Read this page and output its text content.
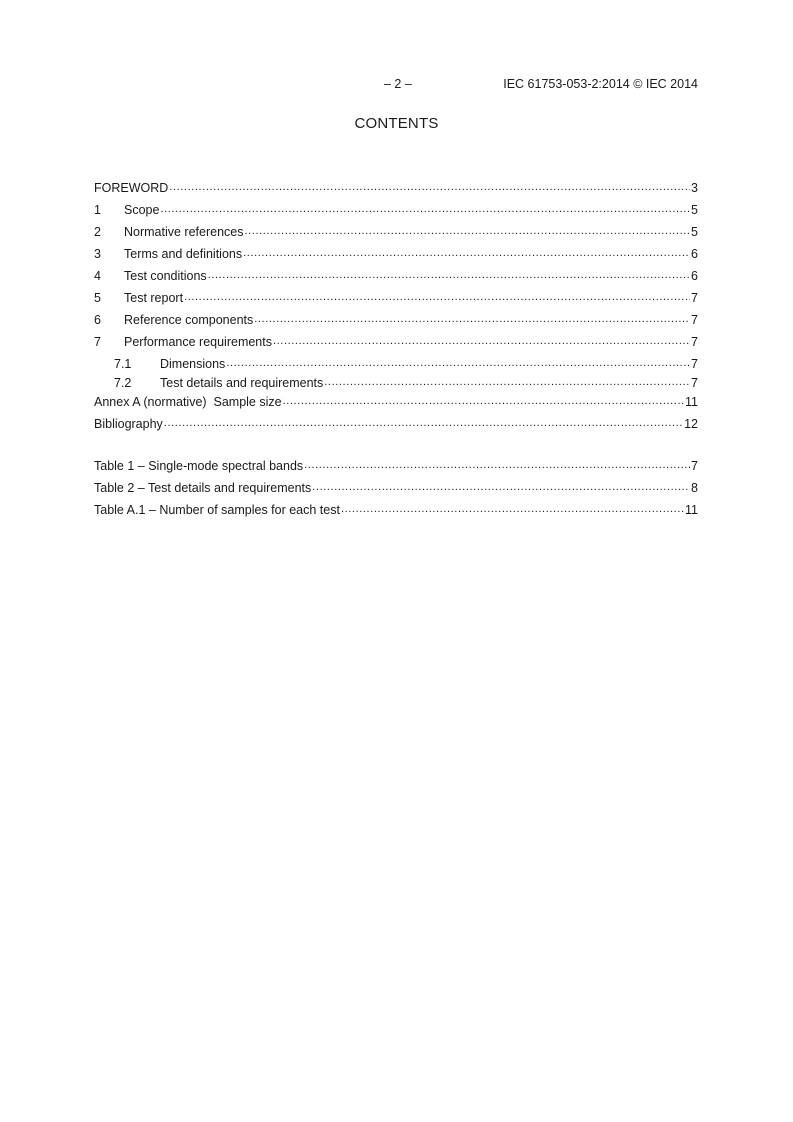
– 2 –	IEC 61753-053-2:2014 © IEC 2014
CONTENTS
FOREWORD .....	3
1	Scope .....	5
2	Normative references .....	5
3	Terms and definitions .....	6
4	Test conditions .....	6
5	Test report .....	7
6	Reference components .....	7
7	Performance requirements .....	7
7.1	Dimensions .....	7
7.2	Test details and requirements .....	7
Annex A (normative)  Sample size .....	11
Bibliography .....	12
Table 1 – Single-mode spectral bands .....	7
Table 2 – Test details and requirements .....	8
Table A.1 – Number of samples for each test .....	11
